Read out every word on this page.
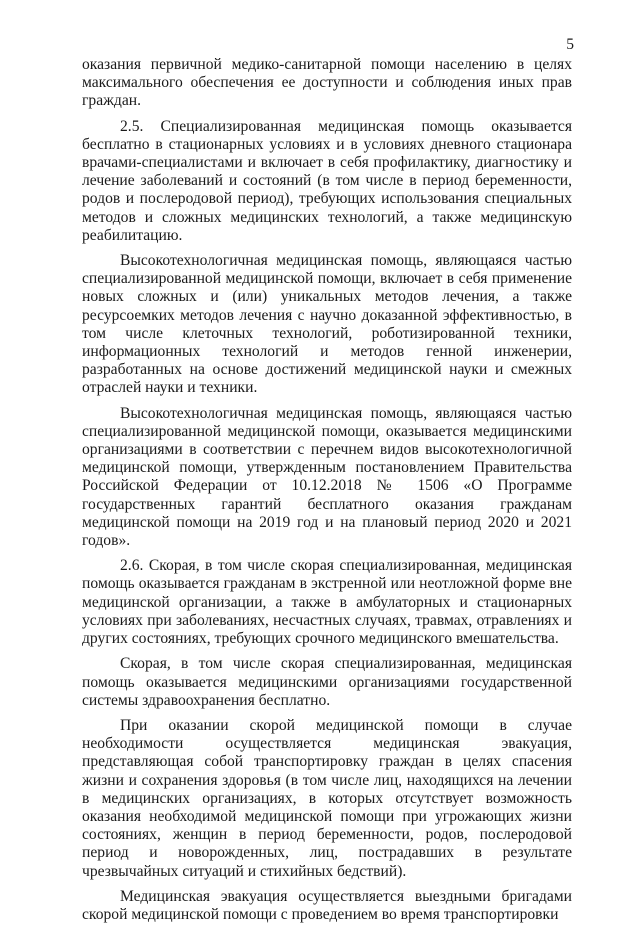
5

оказания первичной медико-санитарной помощи населению в целях максимального обеспечения ее доступности и соблюдения иных прав граждан.

2.5. Специализированная медицинская помощь оказывается бесплатно в стационарных условиях и в условиях дневного стационара врачами-специалистами и включает в себя профилактику, диагностику и лечение заболеваний и состояний (в том числе в период беременности, родов и послеродовой период), требующих использования специальных методов и сложных медицинских технологий, а также медицинскую реабилитацию.

Высокотехнологичная медицинская помощь, являющаяся частью специализированной медицинской помощи, включает в себя применение новых сложных и (или) уникальных методов лечения, а также ресурсоемких методов лечения с научно доказанной эффективностью, в том числе клеточных технологий, роботизированной техники, информационных технологий и методов генной инженерии, разработанных на основе достижений медицинской науки и смежных отраслей науки и техники.

Высокотехнологичная медицинская помощь, являющаяся частью специализированной медицинской помощи, оказывается медицинскими организациями в соответствии с перечнем видов высокотехнологичной медицинской помощи, утвержденным постановлением Правительства Российской Федерации от 10.12.2018 № 1506 «О Программе государственных гарантий бесплатного оказания гражданам медицинской помощи на 2019 год и на плановый период 2020 и 2021 годов».

2.6. Скорая, в том числе скорая специализированная, медицинская помощь оказывается гражданам в экстренной или неотложной форме вне медицинской организации, а также в амбулаторных и стационарных условиях при заболеваниях, несчастных случаях, травмах, отравлениях и других состояниях, требующих срочного медицинского вмешательства.

Скорая, в том числе скорая специализированная, медицинская помощь оказывается медицинскими организациями государственной системы здравоохранения бесплатно.

При оказании скорой медицинской помощи в случае необходимости осуществляется медицинская эвакуация, представляющая собой транспортировку граждан в целях спасения жизни и сохранения здоровья (в том числе лиц, находящихся на лечении в медицинских организациях, в которых отсутствует возможность оказания необходимой медицинской помощи при угрожающих жизни состояниях, женщин в период беременности, родов, послеродовой период и новорожденных, лиц, пострадавших в результате чрезвычайных ситуаций и стихийных бедствий).

Медицинская эвакуация осуществляется выездными бригадами скорой медицинской помощи с проведением во время транспортировки
